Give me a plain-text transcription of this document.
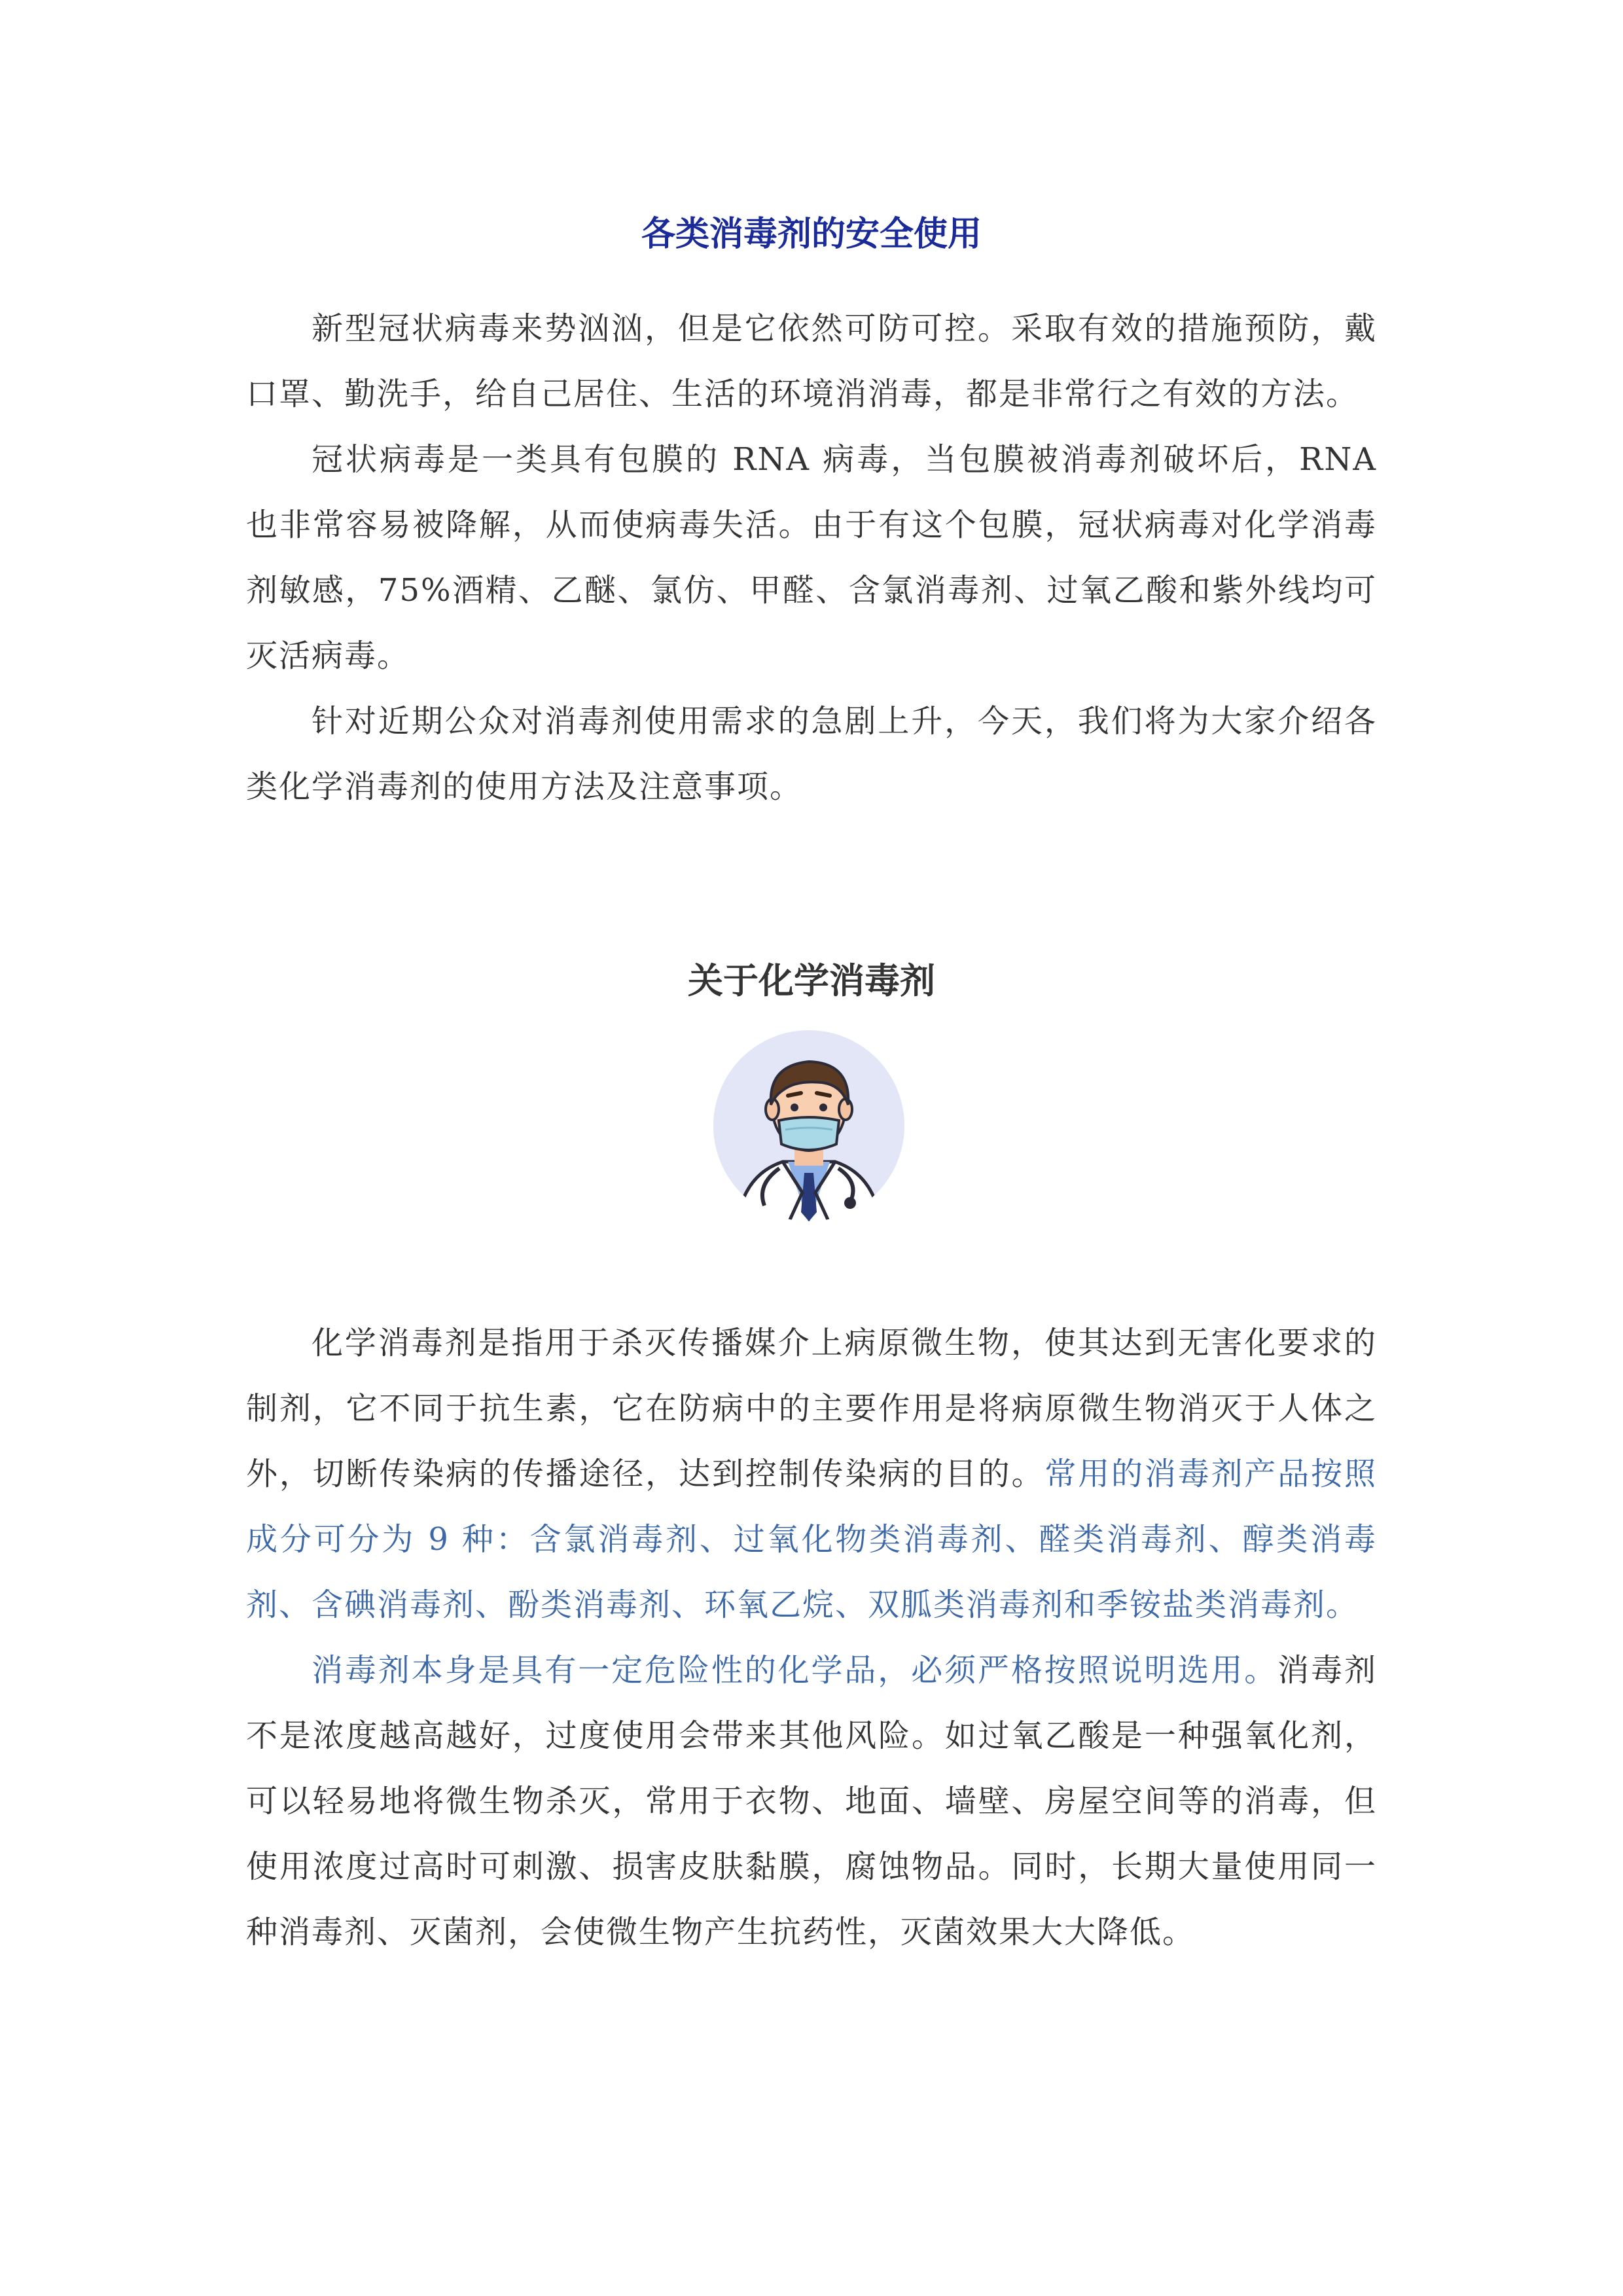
各类消毒剂的安全使用

新型冠状病毒来势汹汹，但是它依然可防可控。采取有效的措施预防，戴口罩、勤洗手，给自己居住、生活的环境消消毒，都是非常行之有效的方法。

冠状病毒是一类具有包膜的 RNA 病毒，当包膜被消毒剂破坏后，RNA 也非常容易被降解，从而使病毒失活。由于有这个包膜，冠状病毒对化学消毒剂敏感，75%酒精、乙醚、氯仿、甲醛、含氯消毒剂、过氧乙酸和紫外线均可灭活病毒。

针对近期公众对消毒剂使用需求的急剧上升，今天，我们将为大家介绍各类化学消毒剂的使用方法及注意事项。

关于化学消毒剂

化学消毒剂是指用于杀灭传播媒介上病原微生物，使其达到无害化要求的制剂，它不同于抗生素，它在防病中的主要作用是将病原微生物消灭于人体之外，切断传染病的传播途径，达到控制传染病的目的。常用的消毒剂产品按照成分可分为 9 种：含氯消毒剂、过氧化物类消毒剂、醛类消毒剂、醇类消毒剂、含碘消毒剂、酚类消毒剂、环氧乙烷、双胍类消毒剂和季铵盐类消毒剂。

消毒剂本身是具有一定危险性的化学品，必须严格按照说明选用。消毒剂不是浓度越高越好，过度使用会带来其他风险。如过氧乙酸是一种强氧化剂，可以轻易地将微生物杀灭，常用于衣物、地面、墙壁、房屋空间等的消毒，但使用浓度过高时可刺激、损害皮肤黏膜，腐蚀物品。同时，长期大量使用同一种消毒剂、灭菌剂，会使微生物产生抗药性，灭菌效果大大降低。
